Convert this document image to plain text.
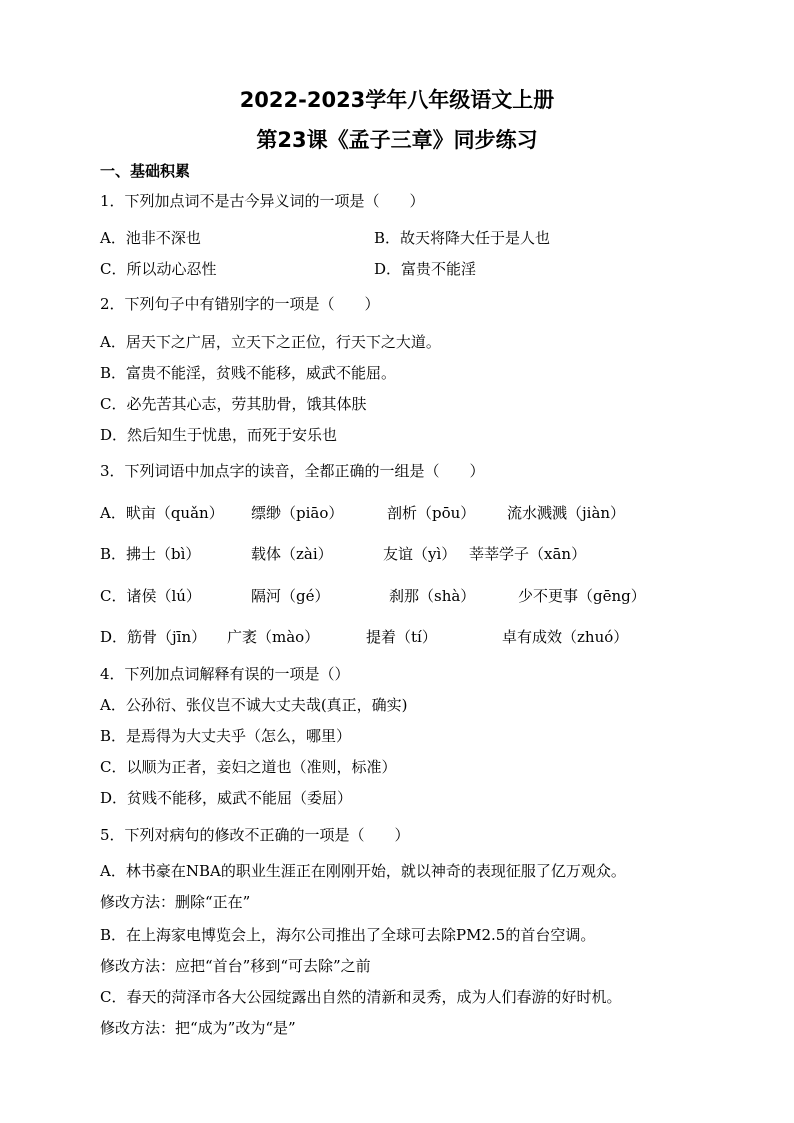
2022-2023学年八年级语文上册
第23课《孟子三章》同步练习
一、基础积累
1．下列加点词不是古今异义词的一项是（　　）
A．池非不深也	B．故天将降大任于是人也
C．所以动心忍性	D．富贵不能淫
2．下列句子中有错别字的一项是（　　）
A．居天下之广居，立天下之正位，行天下之大道。
B．富贵不能淫，贫贱不能移，威武不能屈。
C．必先苦其心志，劳其肋骨，饿其体肤
D．然后知生于忧患，而死于安乐也
3．下列词语中加点字的读音，全都正确的一组是（　　）
A．畎亩（quǎn） 缥缈（piāo）	剖析（pōu） 流水溅溅（jiàn）
B．拂士（bì）	载体（zài）	友谊（yì） 莘莘学子（xān）
C．诸侯（lú）	隔河（gé）	刹那（shà）	少不更事（gēng）
D．筋骨（jīn） 广袤（mào）	提着（tí）	卓有成效（zhuó）
4．下列加点词解释有误的一项是（）
A．公孙衍、张仪岂不诚大丈夫哉(真正，确实)
B．是焉得为大丈夫乎（怎么，哪里）
C．以顺为正者，妾妇之道也（准则，标准）
D．贫贱不能移，威武不能屈（委屈）
5．下列对病句的修改不正确的一项是（　　）
A．林书豪在NBA的职业生涯正在刚刚开始，就以神奇的表现征服了亿万观众。
修改方法：删除“正在”
B．在上海家电博览会上，海尔公司推出了全球可去除PM2.5的首台空调。
修改方法：应把“首台”移到“可去除”之前
C．春天的菏泽市各大公园绽露出自然的清新和灵秀，成为人们春游的好时机。
修改方法：把“成为”改为“是”
